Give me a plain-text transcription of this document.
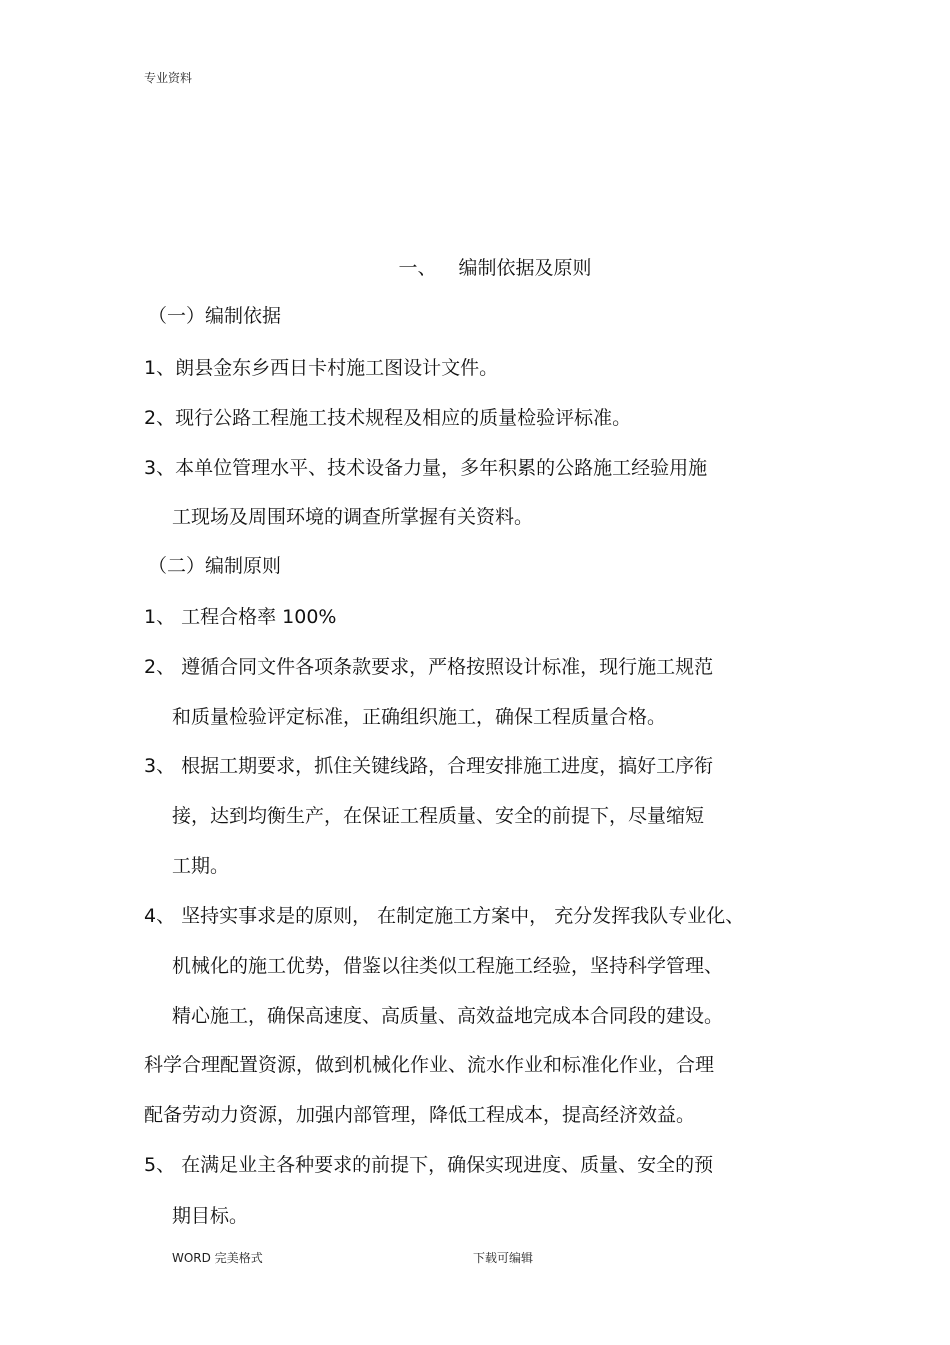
专业资料
一、 编制依据及原则
（一）编制依据
1、朗县金东乡西日卡村施工图设计文件。
2、现行公路工程施工技术规程及相应的质量检验评标准。
3、本单位管理水平、技术设备力量，多年积累的公路施工经验用施
工现场及周围环境的调查所掌握有关资料。
（二）编制原则
1、 工程合格率 100%
2、 遵循合同文件各项条款要求，严格按照设计标准，现行施工规范
和质量检验评定标准，正确组织施工，确保工程质量合格。
3、 根据工期要求，抓住关键线路，合理安排施工进度，搞好工序衔
接，达到均衡生产，在保证工程质量、安全的前提下，尽量缩短
工期。
4、 坚持实事求是的原则， 在制定施工方案中， 充分发挥我队专业化、
机械化的施工优势，借鉴以往类似工程施工经验，坚持科学管理、
精心施工，确保高速度、高质量、高效益地完成本合同段的建设。
科学合理配置资源，做到机械化作业、流水作业和标准化作业，合理
配备劳动力资源，加强内部管理，降低工程成本，提高经济效益。
5、 在满足业主各种要求的前提下，确保实现进度、质量、安全的预
期目标。
WORD 完美格式	下载可编辑
